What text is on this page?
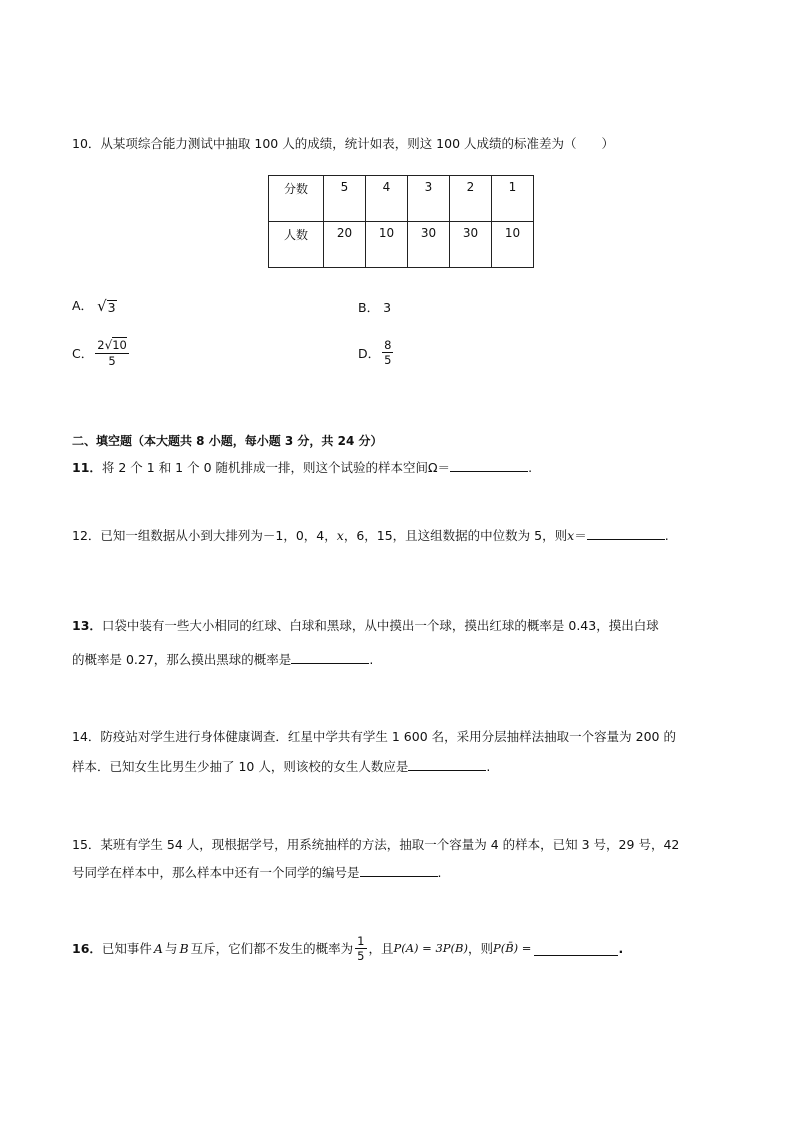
10．从某项综合能力测试中抽取 100 人的成绩，统计如表，则这 100 人成绩的标准差为（　　）
分数	5	4	3	2	1
人数	20	10	30	30	10
A． √ 3	B． 3
C． $\frac{2√10}{5}$	D． $\frac{8}{5}$
二、填空题（本大题共 8 小题，每小题 3 分，共 24 分）
11．将 2 个 1 和 1 个 0 随机排成一排，则这个试验的样本空间Ω＝	.
12．已知一组数据从小到大排列为－1，0，4，x，6，15，且这组数据的中位数为 5，则x＝	.
13．口袋中装有一些大小相同的红球、白球和黑球，从中摸出一个球，摸出红球的概率是 0.43，摸出白球
的概率是 0.27，那么摸出黑球的概率是	.
14．防疫站对学生进行身体健康调查．红星中学共有学生 1 600 名，采用分层抽样法抽取一个容量为 200 的
样本．已知女生比男生少抽了 10 人，则该校的女生人数应是	.
15．某班有学生 54 人，现根据学号，用系统抽样的方法，抽取一个容量为 4 的样本，已知 3 号，29 号，42
号同学在样本中，那么样本中还有一个同学的编号是	.
16． 已知事件 A 与 B 互斥，它们都不发生的概率为 $\frac{1}{5}$ ，且 P(A) = 3P(B) ，则 P(B̄) =	.
